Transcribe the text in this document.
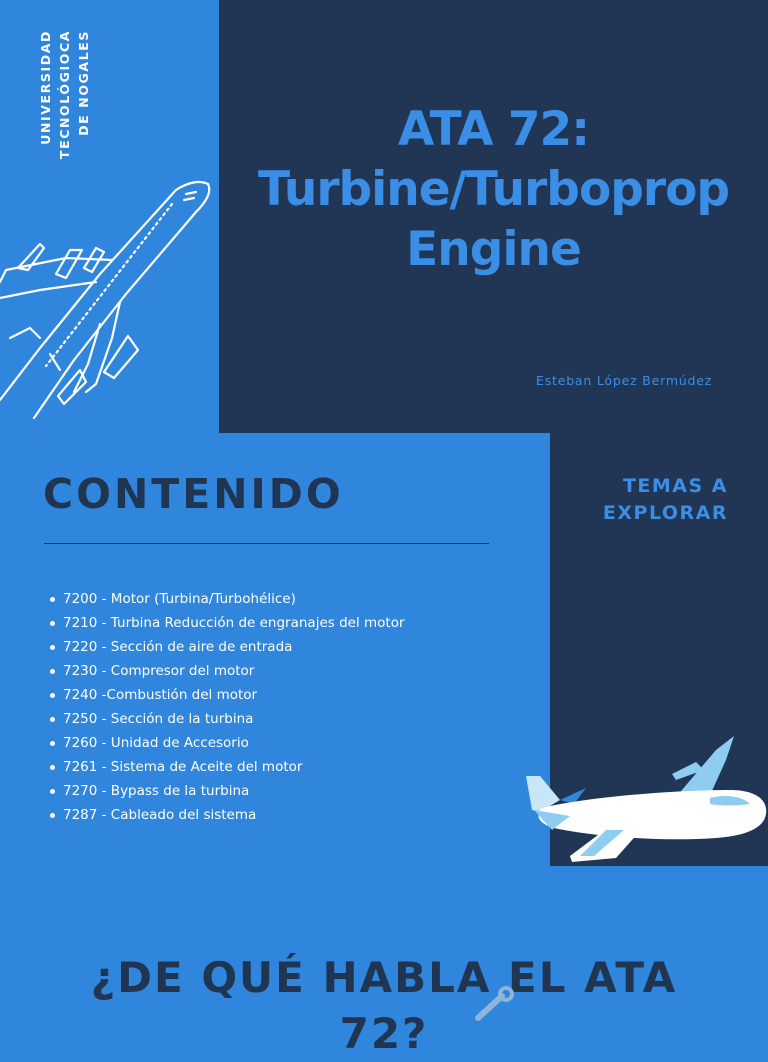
UNIVERSIDAD TECNOLÓGIOCA DE NOGALES	ATA 72:
Turbine/Turboprop
Engine
Esteban López Bermúdez
CONTENIDO
7200 - Motor (Turbina/Turbohélice)
7210 - Turbina Reducción de engranajes del motor
7220 - Sección de aire de entrada
7230 - Compresor del motor
7240 -Combustión del motor
7250 - Sección de la turbina
7260 - Unidad de Accesorio
7261 - Sistema de Aceite del motor
7270 - Bypass de la turbina
7287 - Cableado del sistema
TEMAS A
EXPLORAR
¿DE QUÉ HABLA EL ATA
72?
